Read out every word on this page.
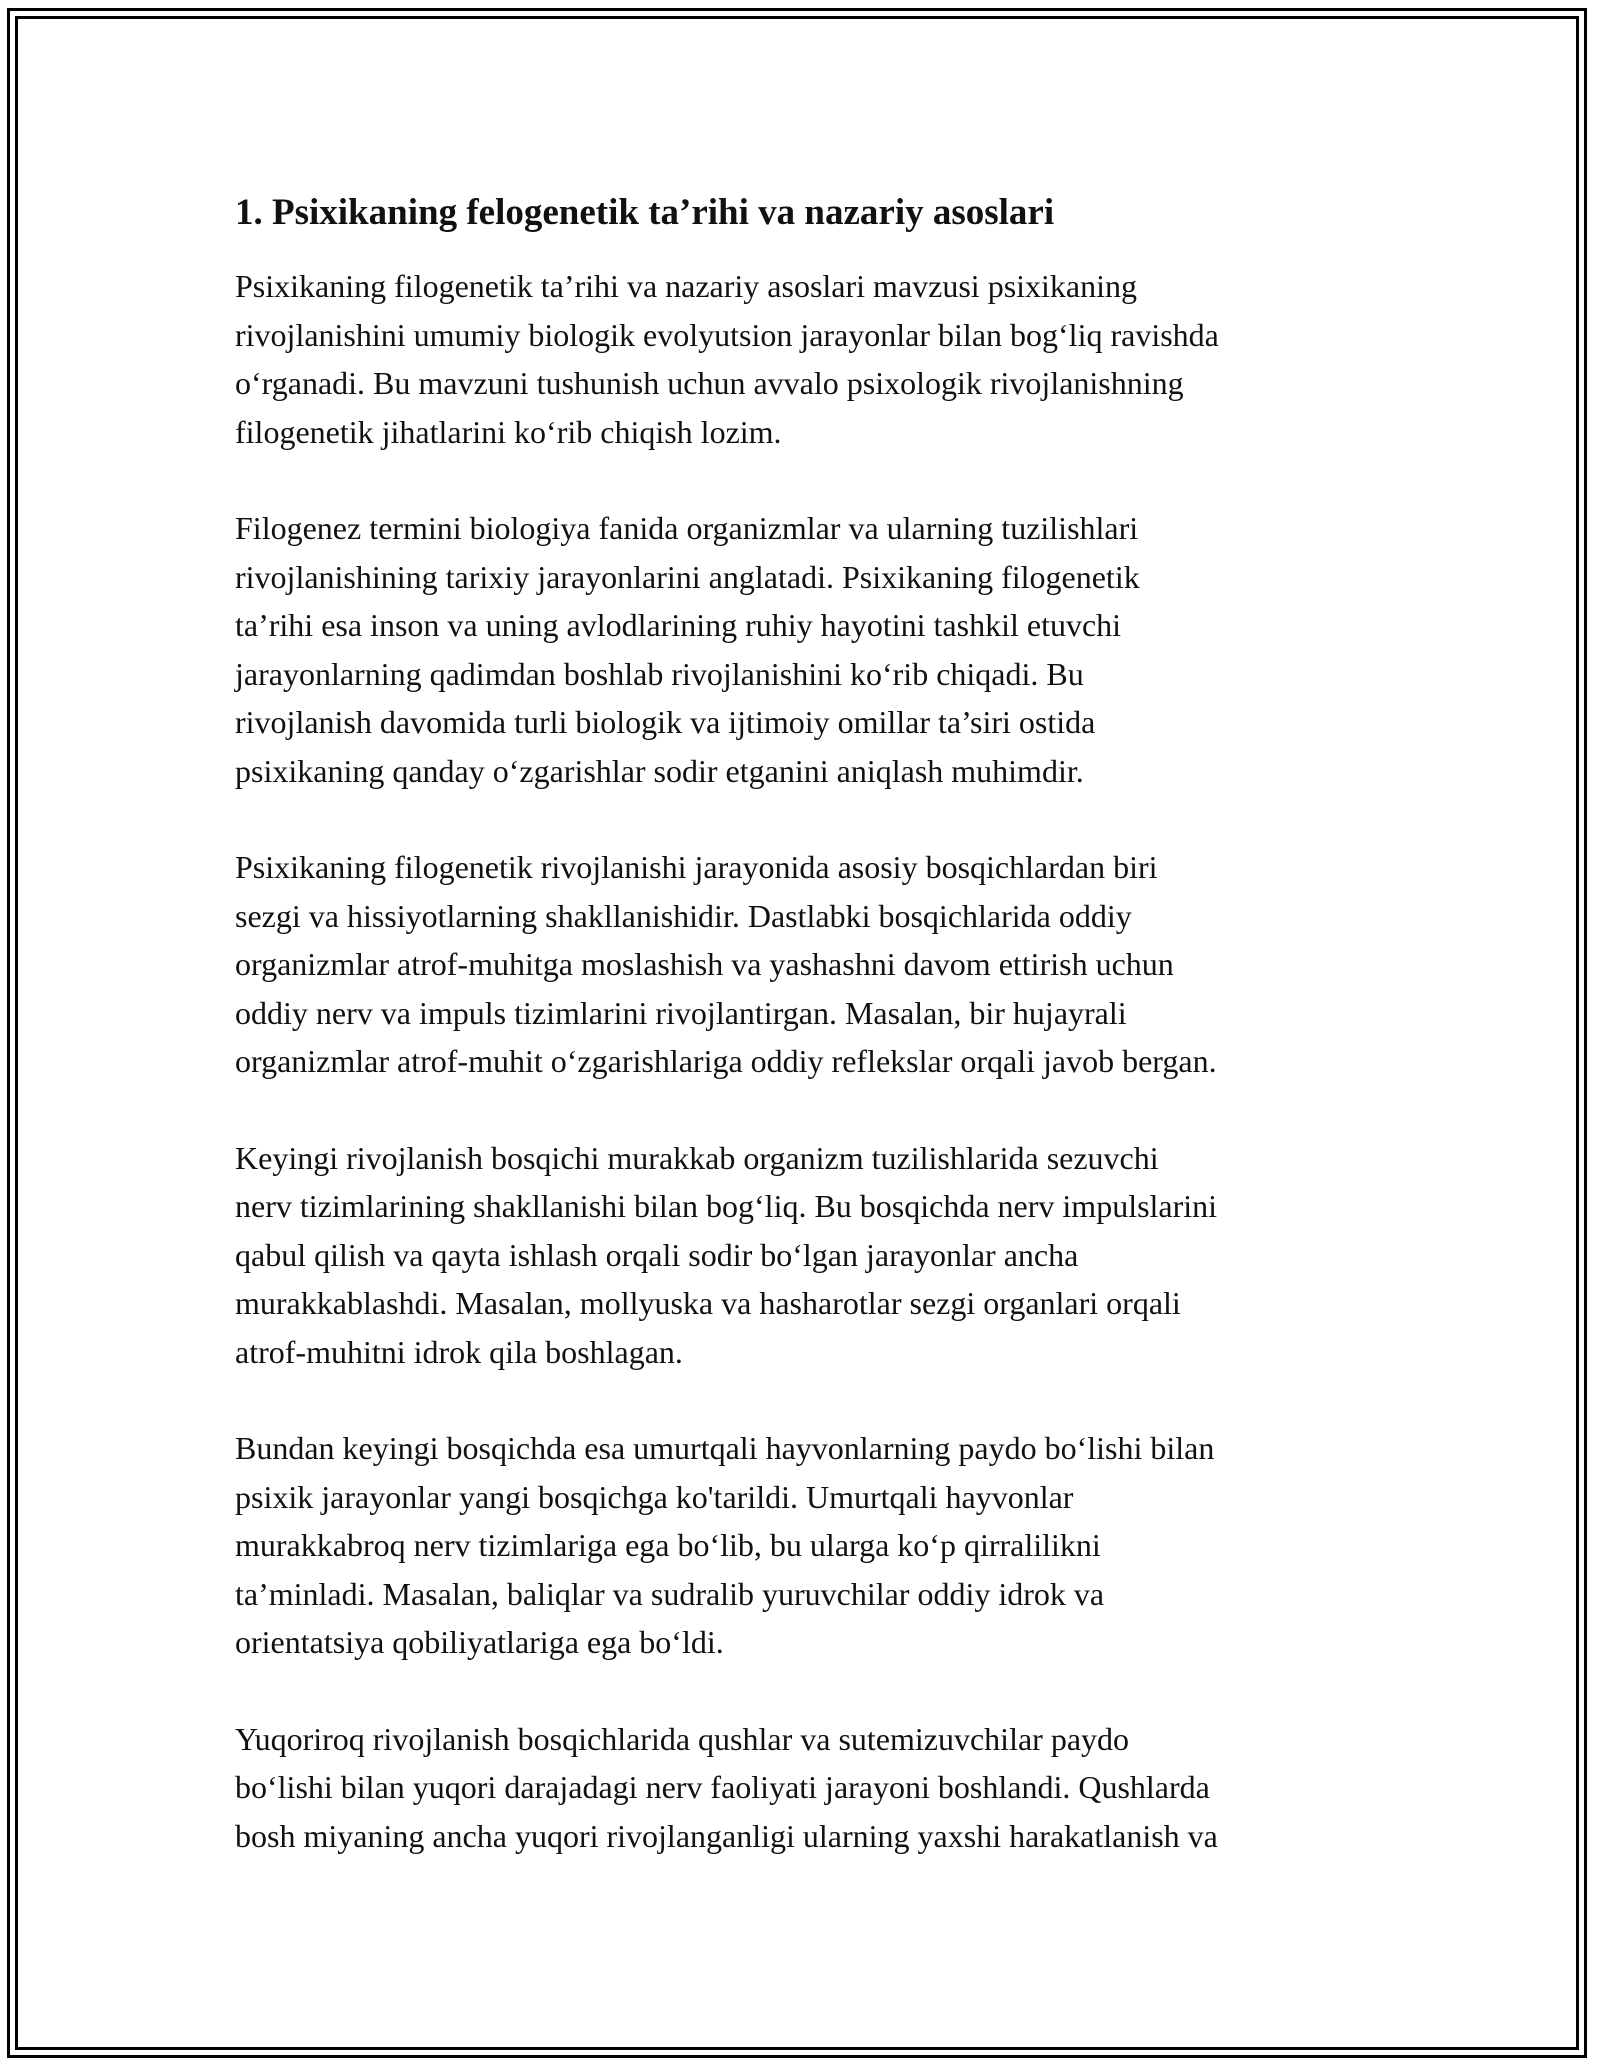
1. Psixikaning felogenetik ta’rihi va nazariy asoslari

Psixikaning filogenetik ta’rihi va nazariy asoslari mavzusi psixikaning
rivojlanishini umumiy biologik evolyutsion jarayonlar bilan bogʻliq ravishda
oʻrganadi. Bu mavzuni tushunish uchun avvalo psixologik rivojlanishning
filogenetik jihatlarini koʻrib chiqish lozim.

Filogenez termini biologiya fanida organizmlar va ularning tuzilishlari
rivojlanishining tarixiy jarayonlarini anglatadi. Psixikaning filogenetik
ta’rihi esa inson va uning avlodlarining ruhiy hayotini tashkil etuvchi
jarayonlarning qadimdan boshlab rivojlanishini koʻrib chiqadi. Bu
rivojlanish davomida turli biologik va ijtimoiy omillar ta’siri ostida
psixikaning qanday oʻzgarishlar sodir etganini aniqlash muhimdir.

Psixikaning filogenetik rivojlanishi jarayonida asosiy bosqichlardan biri
sezgi va hissiyotlarning shakllanishidir. Dastlabki bosqichlarida oddiy
organizmlar atrof-muhitga moslashish va yashashni davom ettirish uchun
oddiy nerv va impuls tizimlarini rivojlantirgan. Masalan, bir hujayrali
organizmlar atrof-muhit oʻzgarishlariga oddiy reflekslar orqali javob bergan.

Keyingi rivojlanish bosqichi murakkab organizm tuzilishlarida sezuvchi
nerv tizimlarining shakllanishi bilan bogʻliq. Bu bosqichda nerv impulslarini
qabul qilish va qayta ishlash orqali sodir boʻlgan jarayonlar ancha
murakkablashdi. Masalan, mollyuska va hasharotlar sezgi organlari orqali
atrof-muhitni idrok qila boshlagan.

Bundan keyingi bosqichda esa umurtqali hayvonlarning paydo boʻlishi bilan
psixik jarayonlar yangi bosqichga ko'tarildi. Umurtqali hayvonlar
murakkabroq nerv tizimlariga ega boʻlib, bu ularga koʻp qirralilikni
ta’minladi. Masalan, baliqlar va sudralib yuruvchilar oddiy idrok va
orientatsiya qobiliyatlariga ega boʻldi.

Yuqoriroq rivojlanish bosqichlarida qushlar va sutemizuvchilar paydo
boʻlishi bilan yuqori darajadagi nerv faoliyati jarayoni boshlandi. Qushlarda
bosh miyaning ancha yuqori rivojlanganligi ularning yaxshi harakatlanish va
